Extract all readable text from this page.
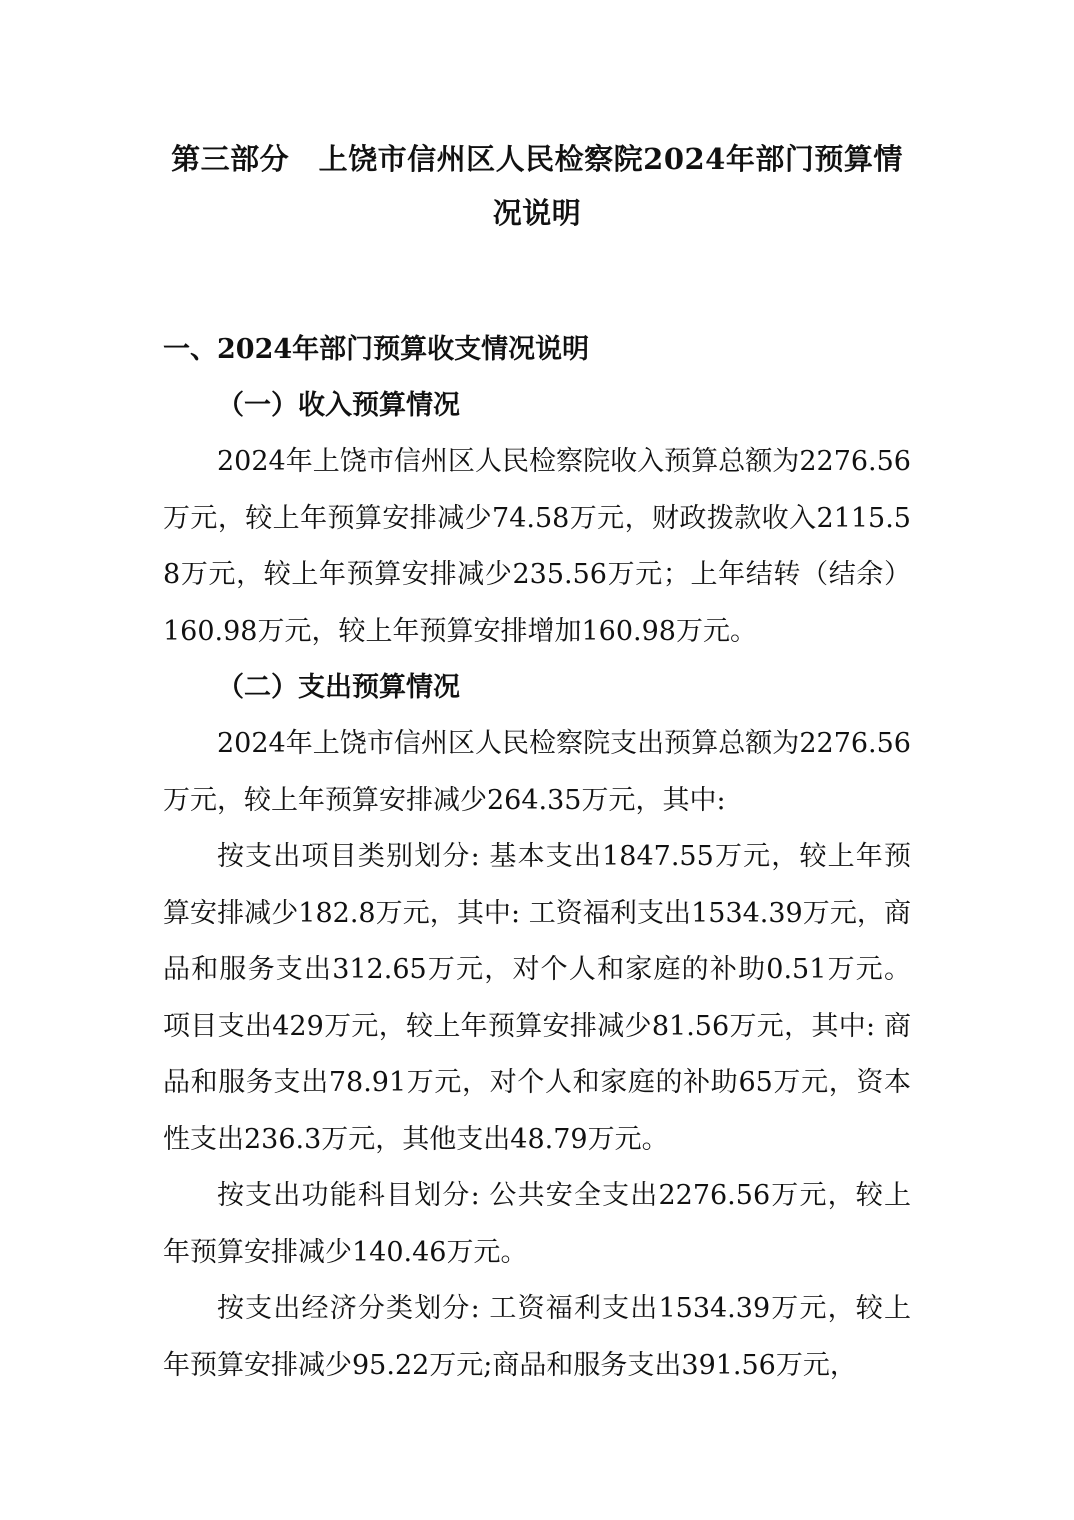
第三部分　上饶市信州区人民检察院2024年部门预算情况说明
一、2024年部门预算收支情况说明
（一）收入预算情况

2024年上饶市信州区人民检察院收入预算总额为2276.56万元，较上年预算安排减少74.58万元，财政拨款收入2115.58万元，较上年预算安排减少235.56万元；上年结转（结余）160.98万元，较上年预算安排增加160.98万元。

（二）支出预算情况

2024年上饶市信州区人民检察院支出预算总额为2276.56万元，较上年预算安排减少264.35万元，其中:

按支出项目类别划分: 基本支出1847.55万元，较上年预算安排减少182.8万元，其中: 工资福利支出1534.39万元，商品和服务支出312.65万元，对个人和家庭的补助0.51万元。项目支出429万元，较上年预算安排减少81.56万元，其中: 商品和服务支出78.91万元，对个人和家庭的补助65万元，资本性支出236.3万元，其他支出48.79万元。

按支出功能科目划分: 公共安全支出2276.56万元，较上年预算安排减少140.46万元。

按支出经济分类划分: 工资福利支出1534.39万元，较上年预算安排减少95.22万元;商品和服务支出391.56万元，
